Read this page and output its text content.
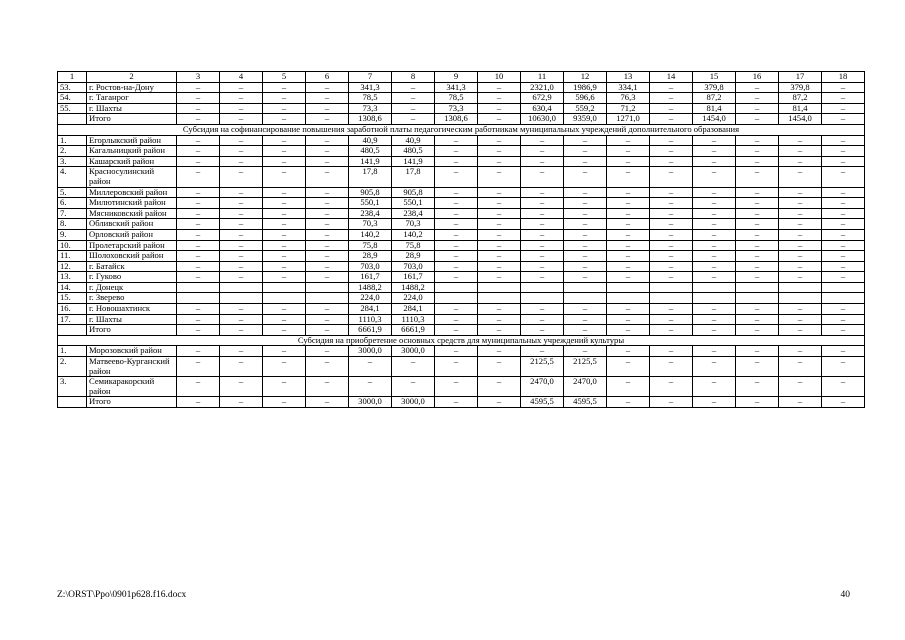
1	2	3	4	5	6	7	8	9	10	11	12	13	14	15	16	17	18
53.	г. Ростов-на-Дону	–	–	–	–	341,3	–	341,3	–	2321,0	1986,9	334,1	–	379,8	–	379,8	–
54.	г. Таганрог	–	–	–	–	78,5	–	78,5	–	672,9	596,6	76,3	–	87,2	–	87,2	–
55.	г. Шахты	–	–	–	–	73,3	–	73,3	–	630,4	559,2	71,2	–	81,4	–	81,4	–
	Итого	–	–	–	–	1308,6	–	1308,6	–	10630,0	9359,0	1271,0	–	1454,0	–	1454,0	–
Субсидия на софинансирование повышения заработной платы педагогическим работникам муниципальных учреждений дополнительного образования																	
1.	Егорлыкский район	–	–	–	–	40,9	40,9	–	–	–	–	–	–	–	–	–	–
2.	Кагальницкий район	–	–	–	–	480,5	480,5	–	–	–	–	–	–	–	–	–	–
3.	Кашарский район	–	–	–	–	141,9	141,9	–	–	–	–	–	–	–	–	–	–
4.	Красносулинский район	–	–	–	–	17,8	17,8	–	–	–	–	–	–	–	–	–	–
5.	Миллеровский район	–	–	–	–	905,8	905,8	–	–	–	–	–	–	–	–	–	–
6.	Милютинский район	–	–	–	–	550,1	550,1	–	–	–	–	–	–	–	–	–	–
7.	Мясниковский район	–	–	–	–	238,4	238,4	–	–	–	–	–	–	–	–	–	–
8.	Обливский район	–	–	–	–	70,3	70,3	–	–	–	–	–	–	–	–	–	–
9.	Орловский район	–	–	–	–	140,2	140,2	–	–	–	–	–	–	–	–	–	–
10.	Пролетарский район	–	–	–	–	75,8	75,8	–	–	–	–	–	–	–	–	–	–
11.	Шолоховский район	–	–	–	–	28,9	28,9	–	–	–	–	–	–	–	–	–	–
12.	г. Батайск	–	–	–	–	703,0	703,0	–	–	–	–	–	–	–	–	–	–
13.	г. Гуково	–	–	–	–	161,7	161,7	–	–	–	–	–	–	–	–	–	–
14.	г. Донецк					1488,2	1488,2										
15.	г. Зверево					224,0	224,0										
16.	г. Новошахтинск	–	–	–	–	284,1	284,1	–	–	–	–	–	–	–	–	–	–
17.	г. Шахты	–	–	–	–	1110,3	1110,3	–	–	–	–	–	–	–	–	–	–
	Итого	–	–	–	–	6661,9	6661,9	–	–	–	–	–	–	–	–	–	–
Субсидия на приобретение основных средств для муниципальных учреждений культуры																	
1.	Морозовский район	–	–	–	–	3000,0	3000,0	–	–	–	–	–	–	–	–	–	–
2.	Матвеево-Курганский район	–	–	–	–	–	–	–	–	2125,5	2125,5	–	–	–	–	–	–
3.	Семикаракорский район	–	–	–	–	–	–	–	–	2470,0	2470,0	–	–	–	–	–	–
	Итого	–	–	–	–	3000,0	3000,0	–	–	4595,5	4595,5	–	–	–	–	–	–
Z:\ORST\Ppo\0901p628.f16.docx	40
